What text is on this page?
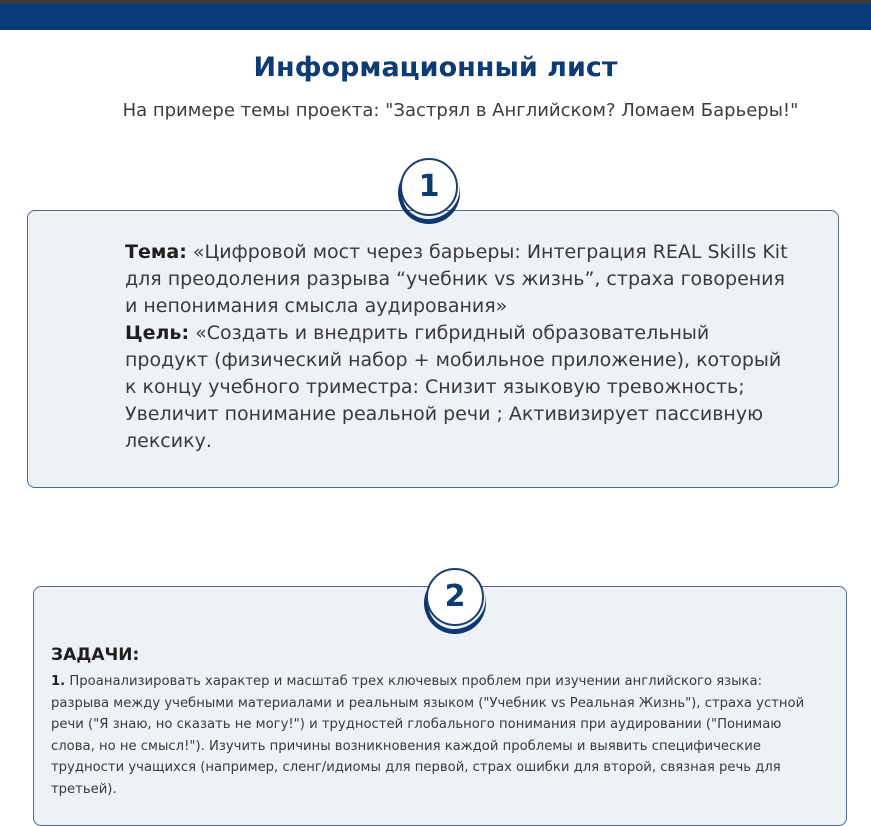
Информационный лист
На примере темы проекта: "Застрял в Английском? Ломаем Барьеры!"
Тема: «Цифровой мост через барьеры: Интеграция REAL Skills Kit для преодоления разрыва “учебник vs жизнь”, страха говорения и непонимания смысла аудирования»
Цель: «Создать и внедрить гибридный образовательный продукт (физический набор + мобильное приложение), который к концу учебного триместра: Снизит языковую тревожность; Увеличит понимание реальной речи ; Активизирует пассивную лексику.
1
ЗАДАЧИ:
1. Проанализировать характер и масштаб трех ключевых проблем при изучении английского языка: разрыва между учебными материалами и реальным языком ("Учебник vs Реальная Жизнь"), страха устной речи ("Я знаю, но сказать не могу!") и трудностей глобального понимания при аудировании ("Понимаю слова, но не смысл!"). Изучить причины возникновения каждой проблемы и выявить специфические трудности учащихся (например, сленг/идиомы для первой, страх ошибки для второй, связная речь для третьей).
2
